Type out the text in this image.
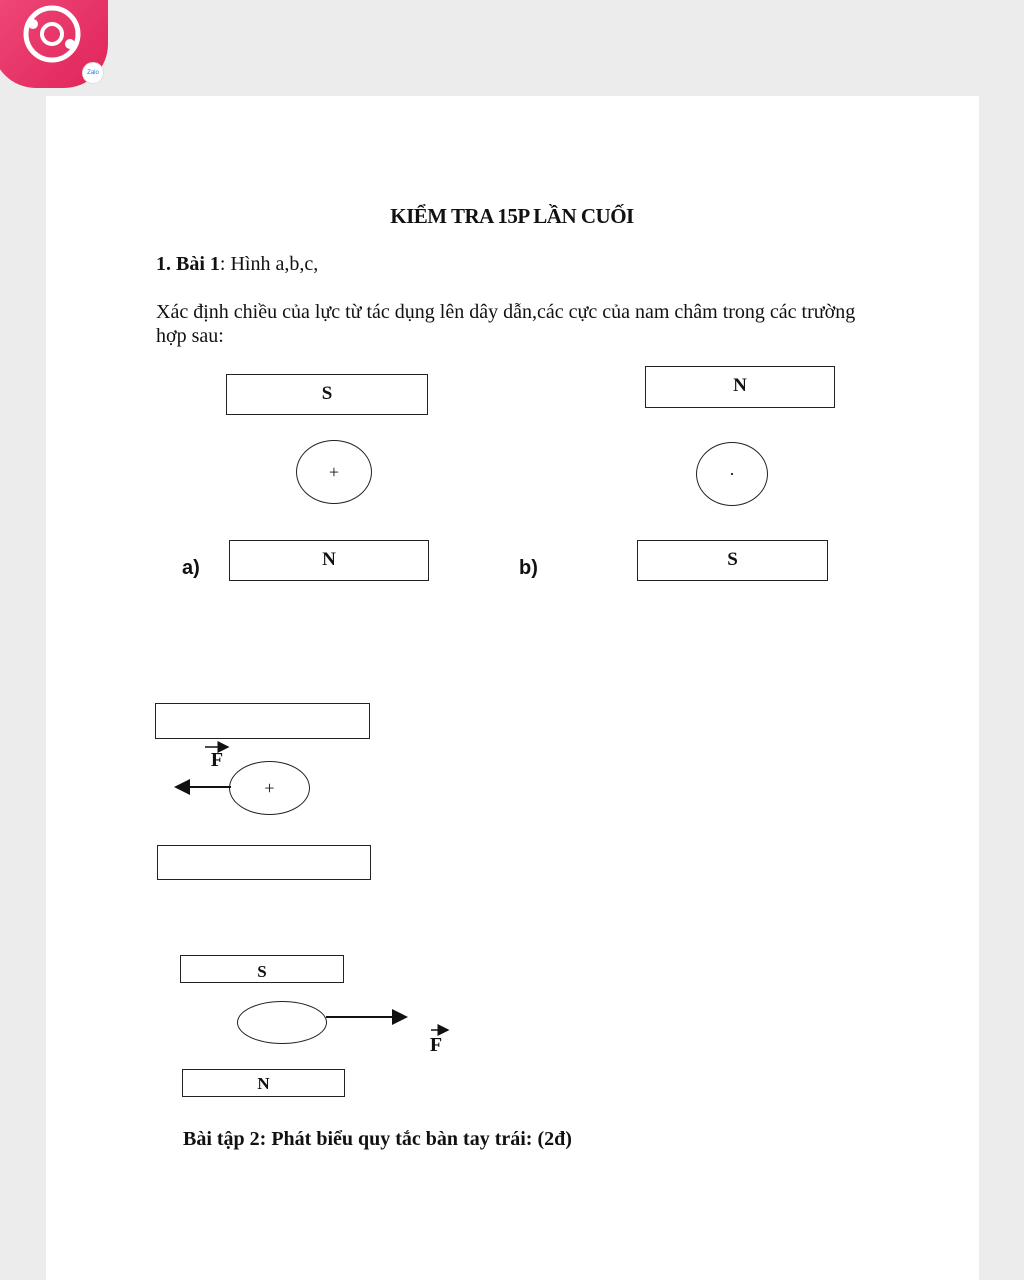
Zalo
KIỂM TRA 15P LẦN CUỐI
1. Bài 1: Hình a,b,c,
Xác định chiều của lực từ tác dụng lên dây dẫn,các cực của nam châm trong các trường hợp sau:
S
+
N
a)
N
·
S
b)
F
+
S
F
N
Bài tập 2: Phát biểu quy tắc bàn tay trái: (2đ)
